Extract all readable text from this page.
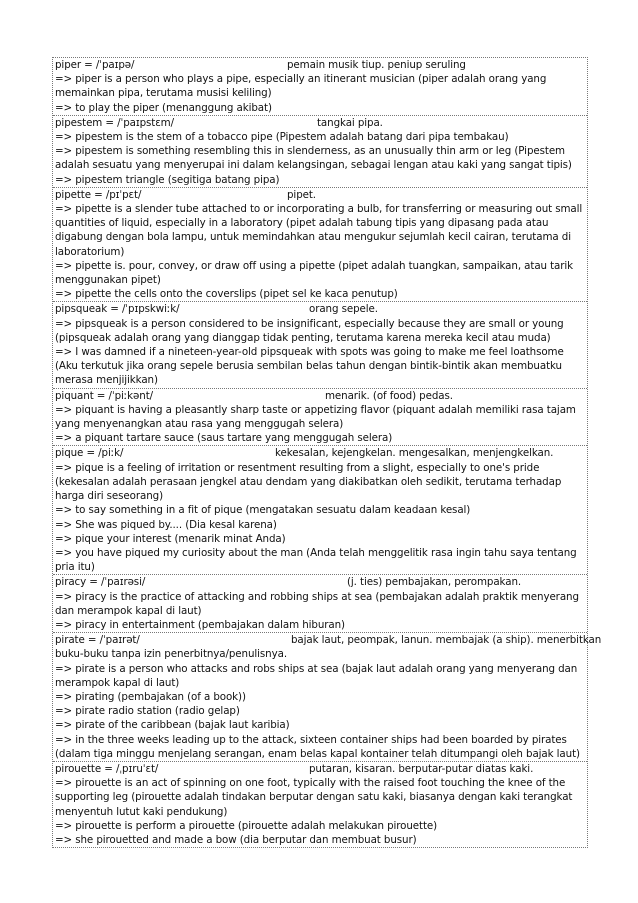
piper = /ˈpaɪpə/	pemain musik tiup. peniup seruling
=> piper is a person who plays a pipe, especially an itinerant musician (piper adalah orang yang memainkan pipa, terutama musisi keliling)
=> to play the piper (menanggung akibat)
pipestem = /ˈpaɪpstɛm/	tangkai pipa.
=> pipestem is the stem of a tobacco pipe (Pipestem adalah batang dari pipa tembakau)
=> pipestem is something resembling this in slenderness, as an unusually thin arm or leg (Pipestem adalah sesuatu yang menyerupai ini dalam kelangsingan, sebagai lengan atau kaki yang sangat tipis)
=> pipestem triangle (segitiga batang pipa)
pipette = /pɪˈpɛt/	pipet.
=> pipette is a slender tube attached to or incorporating a bulb, for transferring or measuring out small quantities of liquid, especially in a laboratory (pipet adalah tabung tipis yang dipasang pada atau digabung dengan bola lampu, untuk memindahkan atau mengukur sejumlah kecil cairan, terutama di laboratorium)
=> pipette is. pour, convey, or draw off using a pipette (pipet adalah tuangkan, sampaikan, atau tarik menggunakan pipet)
=> pipette the cells onto the coverslips (pipet sel ke kaca penutup)
pipsqueak = /ˈpɪpskwiːk/	orang sepele.
=> pipsqueak is a person considered to be insignificant, especially because they are small or young (pipsqueak adalah orang yang dianggap tidak penting, terutama karena mereka kecil atau muda)
=> I was damned if a nineteen-year-old pipsqueak with spots was going to make me feel loathsome (Aku terkutuk jika orang sepele berusia sembilan belas tahun dengan bintik-bintik akan membuatku merasa menjijikkan)
piquant = /ˈpiːkənt/	menarik. (of food) pedas.
=> piquant is having a pleasantly sharp taste or appetizing flavor (piquant adalah memiliki rasa tajam yang menyenangkan atau rasa yang menggugah selera)
=> a piquant tartare sauce (saus tartare yang menggugah selera)
pique = /piːk/	kekesalan, kejengkelan. mengesalkan, menjengkelkan.
=> pique is a feeling of irritation or resentment resulting from a slight, especially to one's pride (kekesalan adalah perasaan jengkel atau dendam yang diakibatkan oleh sedikit, terutama terhadap harga diri seseorang)
=> to say something in a fit of pique (mengatakan sesuatu dalam keadaan kesal)
=> She was piqued by.... (Dia kesal karena)
=> pique your interest (menarik minat Anda)
=> you have piqued my curiosity about the man (Anda telah menggelitik rasa ingin tahu saya tentang pria itu)
piracy = /ˈpaɪrəsi/	(j. ties) pembajakan, perompakan.
=> piracy is the practice of attacking and robbing ships at sea (pembajakan adalah praktik menyerang dan merampok kapal di laut)
=> piracy in entertainment (pembajakan dalam hiburan)
pirate = /ˈpaɪrət/	bajak laut, peompak, lanun. membajak (a ship). menerbitkan
buku-buku tanpa izin penerbitnya/penulisnya.
=> pirate is a person who attacks and robs ships at sea (bajak laut adalah orang yang menyerang dan merampok kapal di laut)
=> pirating (pembajakan (of a book))
=> pirate radio station (radio gelap)
=> pirate of the caribbean (bajak laut karibia)
=> in the three weeks leading up to the attack, sixteen container ships had been boarded by pirates (dalam tiga minggu menjelang serangan, enam belas kapal kontainer telah ditumpangi oleh bajak laut)
pirouette = /ˌpɪruˈɛt/	putaran, kisaran. berputar-putar diatas kaki.
=> pirouette is an act of spinning on one foot, typically with the raised foot touching the knee of the supporting leg (pirouette adalah tindakan berputar dengan satu kaki, biasanya dengan kaki terangkat menyentuh lutut kaki pendukung)
=> pirouette is perform a pirouette (pirouette adalah melakukan pirouette)
=> she pirouetted and made a bow (dia berputar dan membuat busur)
